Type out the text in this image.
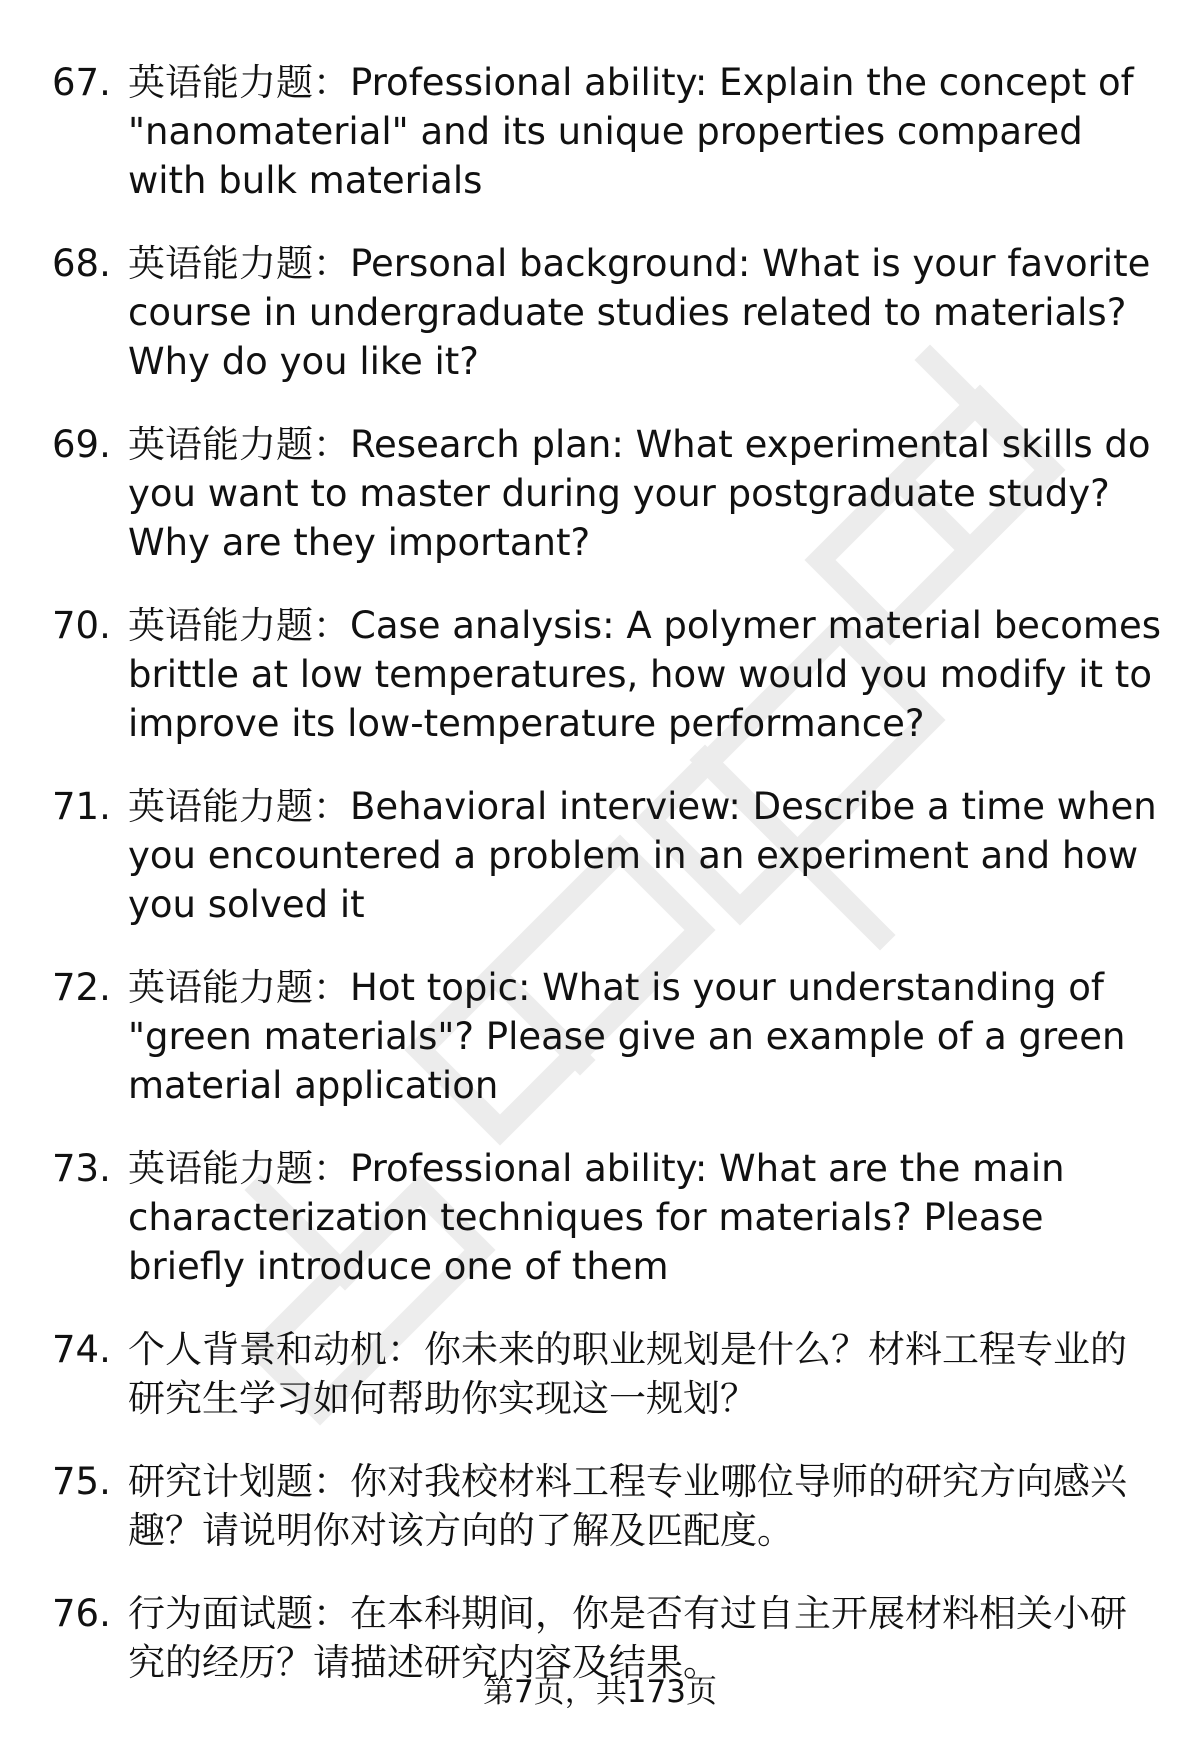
67. 英语能力题：Professional ability: Explain the concept of "nanomaterial" and its unique properties compared with bulk materials
68. 英语能力题：Personal background: What is your favorite course in undergraduate studies related to materials? Why do you like it?
69. 英语能力题：Research plan: What experimental skills do you want to master during your postgraduate study? Why are they important?
70. 英语能力题：Case analysis: A polymer material becomes brittle at low temperatures, how would you modify it to improve its low-temperature performance?
71. 英语能力题：Behavioral interview: Describe a time when you encountered a problem in an experiment and how you solved it
72. 英语能力题：Hot topic: What is your understanding of "green materials"? Please give an example of a green material application
73. 英语能力题：Professional ability: What are the main characterization techniques for materials? Please briefly introduce one of them
74. 个人背景和动机：你未来的职业规划是什么？材料工程专业的研究生学习如何帮助你实现这一规划？
75. 研究计划题：你对我校材料工程专业哪位导师的研究方向感兴趣？请说明你对该方向的了解及匹配度。
76. 行为面试题：在本科期间，你是否有过自主开展材料相关小研究的经历？请描述研究内容及结果。
第7页，共173页
